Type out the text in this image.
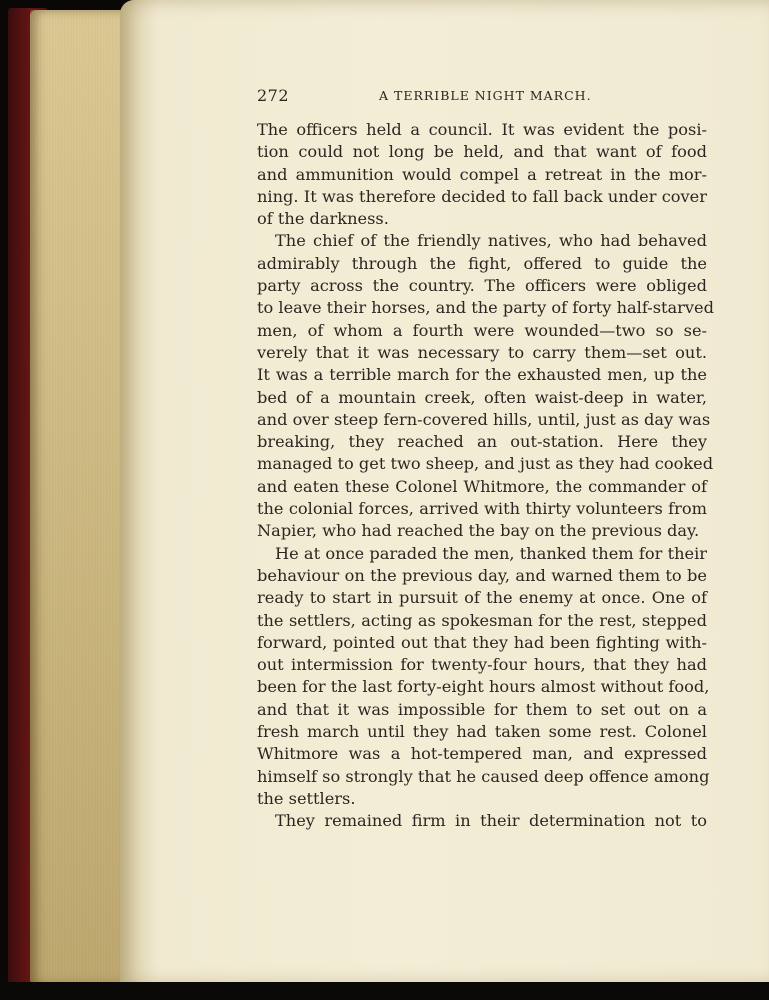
272	A TERRIBLE NIGHT MARCH.
The officers held a council. It was evident the posi-
tion could not long be held, and that want of food
and ammunition would compel a retreat in the mor-
ning. It was therefore decided to fall back under cover
of the darkness.
The chief of the friendly natives, who had behaved
admirably through the fight, offered to guide the
party across the country. The officers were obliged
to leave their horses, and the party of forty half-starved
men, of whom a fourth were wounded—two so se-
verely that it was necessary to carry them—set out.
It was a terrible march for the exhausted men, up the
bed of a mountain creek, often waist-deep in water,
and over steep fern-covered hills, until, just as day was
breaking, they reached an out-station. Here they
managed to get two sheep, and just as they had cooked
and eaten these Colonel Whitmore, the commander of
the colonial forces, arrived with thirty volunteers from
Napier, who had reached the bay on the previous day.
He at once paraded the men, thanked them for their
behaviour on the previous day, and warned them to be
ready to start in pursuit of the enemy at once. One of
the settlers, acting as spokesman for the rest, stepped
forward, pointed out that they had been fighting with-
out intermission for twenty-four hours, that they had
been for the last forty-eight hours almost without food,
and that it was impossible for them to set out on a
fresh march until they had taken some rest. Colonel
Whitmore was a hot-tempered man, and expressed
himself so strongly that he caused deep offence among
the settlers.
They remained firm in their determination not to
